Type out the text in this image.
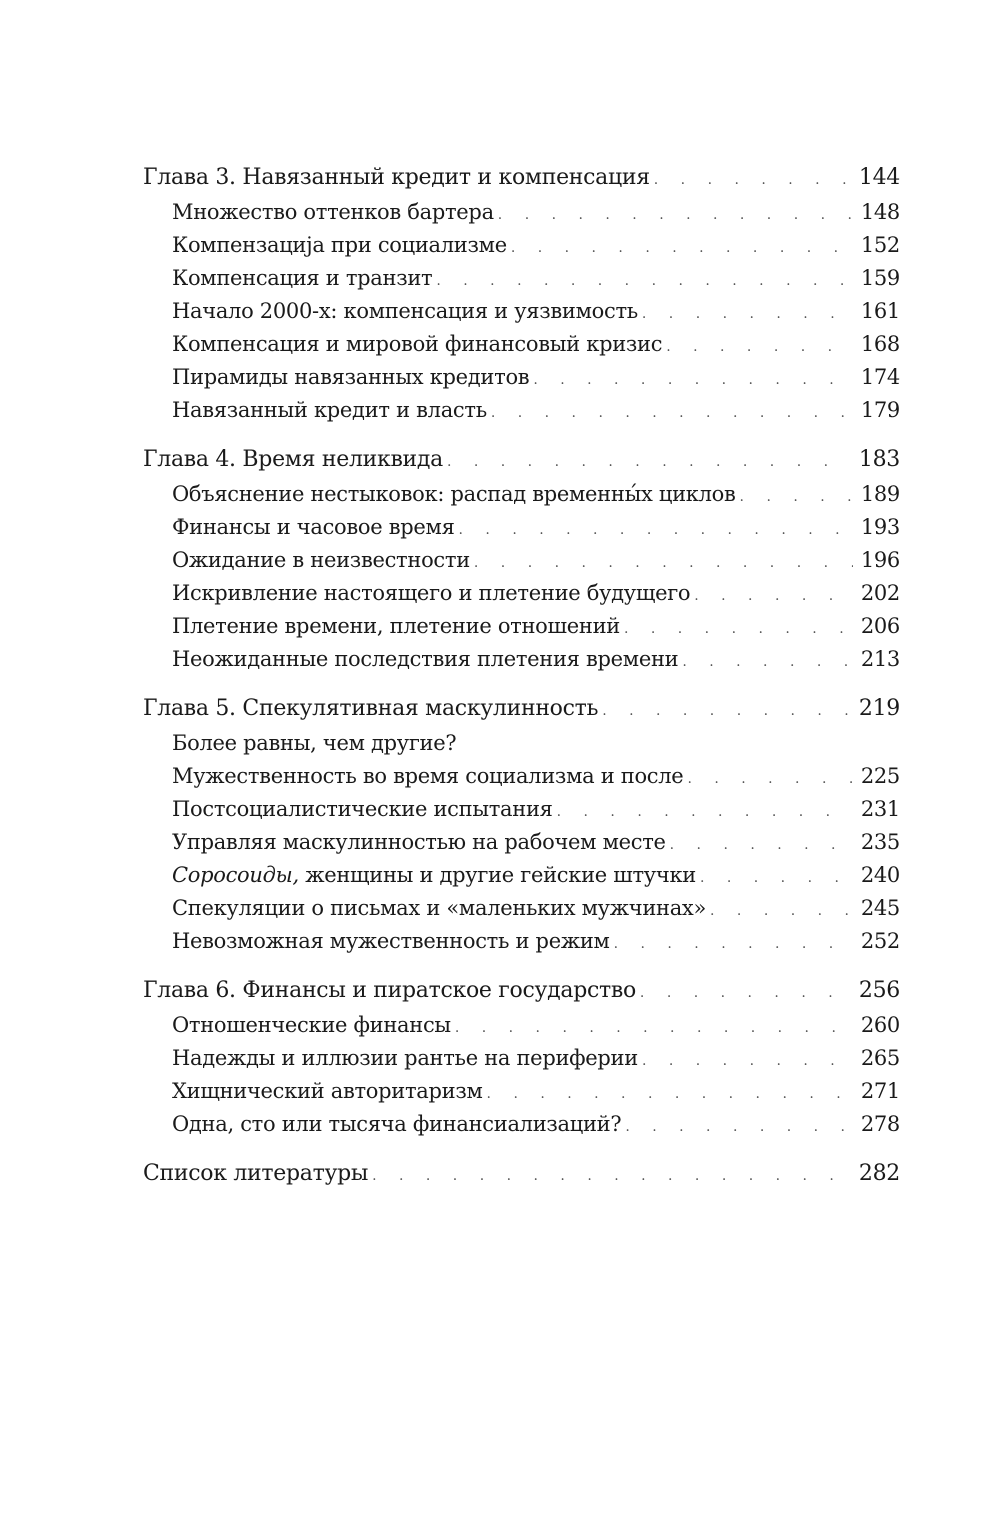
Глава 3. Навязанный кредит и компенсация . . .	144
Множество оттенков бартера . . .	148
Компензацијa при социализме . . .	152
Компенсация и транзит . . .	159
Начало 2000-х: компенсация и уязвимость . . .	161
Компенсация и мировой финансовый кризис . . .	168
Пирамиды навязанных кредитов . . .	174
Навязанный кредит и власть . . .	179
Глава 4. Время неликвида . . .	183
Объяснение нестыковок: распад временны́х циклов . . .	189
Финансы и часовое время . . .	193
Ожидание в неизвестности . . .	196
Искривление настоящего и плетение будущего . . .	202
Плетение времени, плетение отношений . . .	206
Неожиданные последствия плетения времени . . .	213
Глава 5. Спекулятивная маскулинность . . .	219
Более равны, чем другие?
Мужественность во время социализма и после . . .	225
Постсоциалистические испытания . . .	231
Управляя маскулинностью на рабочем месте . . .	235
Соросоиды, женщины и другие гейские штучки . . .	240
Спекуляции о письмах и «маленьких мужчинах» . . .	245
Невозможная мужественность и режим . . .	252
Глава 6. Финансы и пиратское государство . . .	256
Отношенческие финансы . . .	260
Надежды и иллюзии рантье на периферии . . .	265
Хищнический авторитаризм . . .	271
Одна, сто или тысяча финансиализаций? . . .	278
Список литературы . . .	282
